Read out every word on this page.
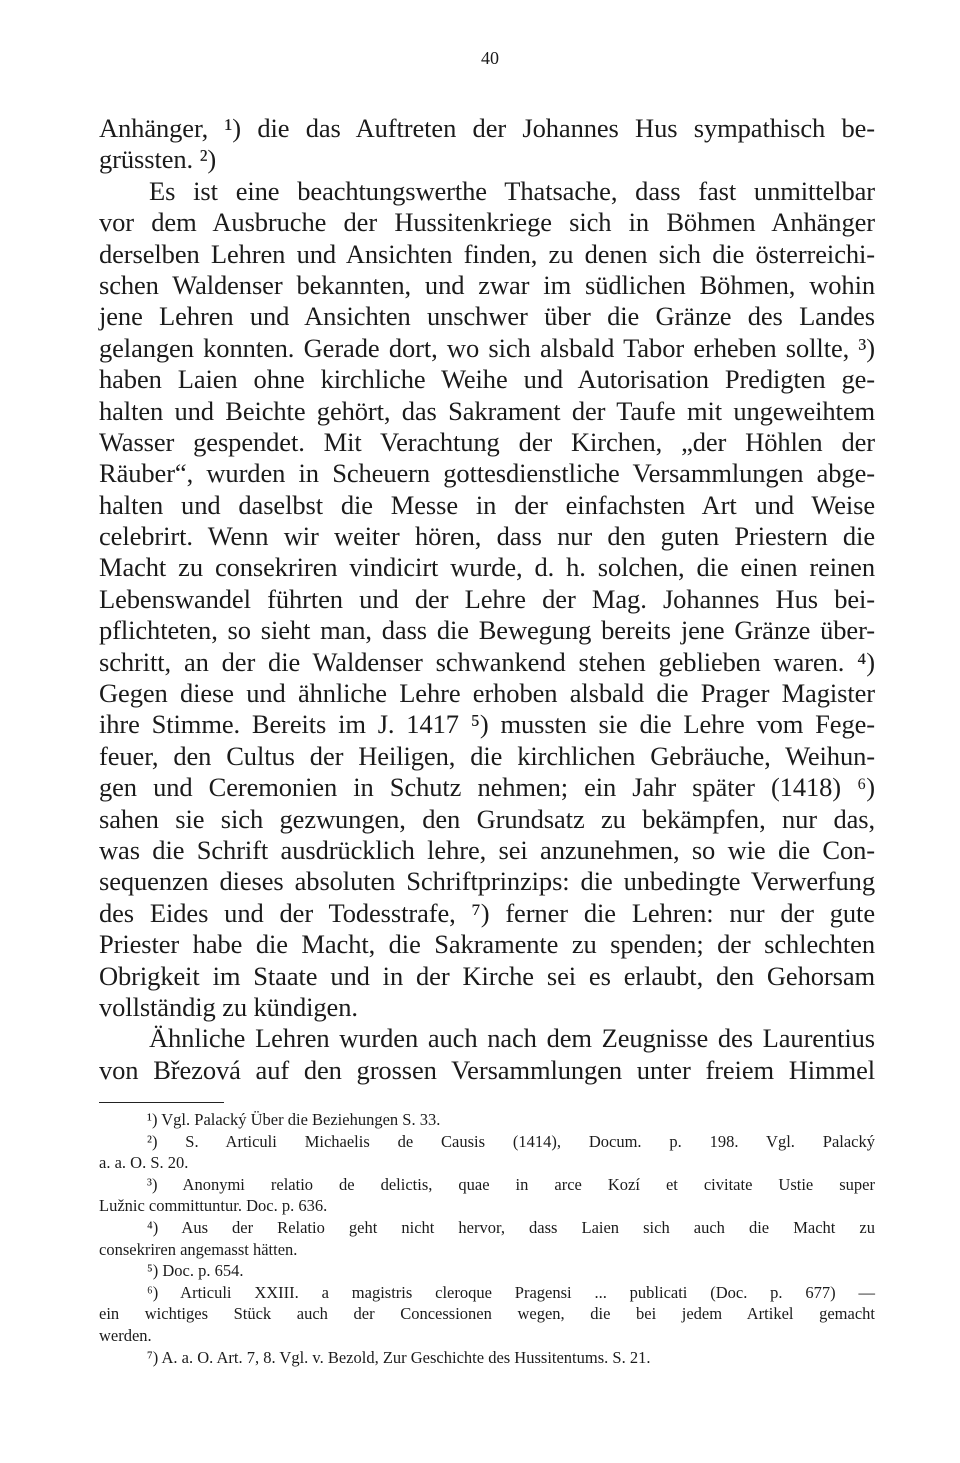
40
Anhänger, ¹) die das Auftreten der Johannes Hus sympathisch be-
grüssten. ²)
Es ist eine beachtungswerthe Thatsache, dass fast unmittelbar
vor dem Ausbruche der Hussitenkriege sich in Böhmen Anhänger
derselben Lehren und Ansichten finden, zu denen sich die österreichi-
schen Waldenser bekannten, und zwar im südlichen Böhmen, wohin
jene Lehren und Ansichten unschwer über die Gränze des Landes
gelangen konnten. Gerade dort, wo sich alsbald Tabor erheben sollte, ³)
haben Laien ohne kirchliche Weihe und Autorisation Predigten ge-
halten und Beichte gehört, das Sakrament der Taufe mit ungeweihtem
Wasser gespendet. Mit Verachtung der Kirchen, „der Höhlen der
Räuber“, wurden in Scheuern gottesdienstliche Versammlungen abge-
halten und daselbst die Messe in der einfachsten Art und Weise
celebrirt. Wenn wir weiter hören, dass nur den guten Priestern die
Macht zu consekriren vindicirt wurde, d. h. solchen, die einen reinen
Lebenswandel führten und der Lehre der Mag. Johannes Hus bei-
pflichteten, so sieht man, dass die Bewegung bereits jene Gränze über-
schritt, an der die Waldenser schwankend stehen geblieben waren. ⁴)
Gegen diese und ähnliche Lehre erhoben alsbald die Prager Magister
ihre Stimme. Bereits im J. 1417 ⁵) mussten sie die Lehre vom Fege-
feuer, den Cultus der Heiligen, die kirchlichen Gebräuche, Weihun-
gen und Ceremonien in Schutz nehmen; ein Jahr später (1418) ⁶)
sahen sie sich gezwungen, den Grundsatz zu bekämpfen, nur das,
was die Schrift ausdrücklich lehre, sei anzunehmen, so wie die Con-
sequenzen dieses absoluten Schriftprinzips: die unbedingte Verwerfung
des Eides und der Todesstrafe, ⁷) ferner die Lehren: nur der gute
Priester habe die Macht, die Sakramente zu spenden; der schlechten
Obrigkeit im Staate und in der Kirche sei es erlaubt, den Gehorsam
vollständig zu kündigen.
Ähnliche Lehren wurden auch nach dem Zeugnisse des Laurentius
von Březová auf den grossen Versammlungen unter freiem Himmel
¹) Vgl. Palacký Über die Beziehungen S. 33.
²) S. Articuli Michaelis de Causis (1414), Docum. p. 198. Vgl. Palacký
a. a. O. S. 20.
³) Anonymi relatio de delictis, quae in arce Kozí et civitate Ustie super
Lužnic committuntur. Doc. p. 636.
⁴) Aus der Relatio geht nicht hervor, dass Laien sich auch die Macht zu
consekriren angemasst hätten.
⁵) Doc. p. 654.
⁶) Articuli XXIII. a magistris cleroque Pragensi ... publicati (Doc. p. 677) —
ein wichtiges Stück auch der Concessionen wegen, die bei jedem Artikel gemacht
werden.
⁷) A. a. O. Art. 7, 8. Vgl. v. Bezold, Zur Geschichte des Hussitentums. S. 21.
